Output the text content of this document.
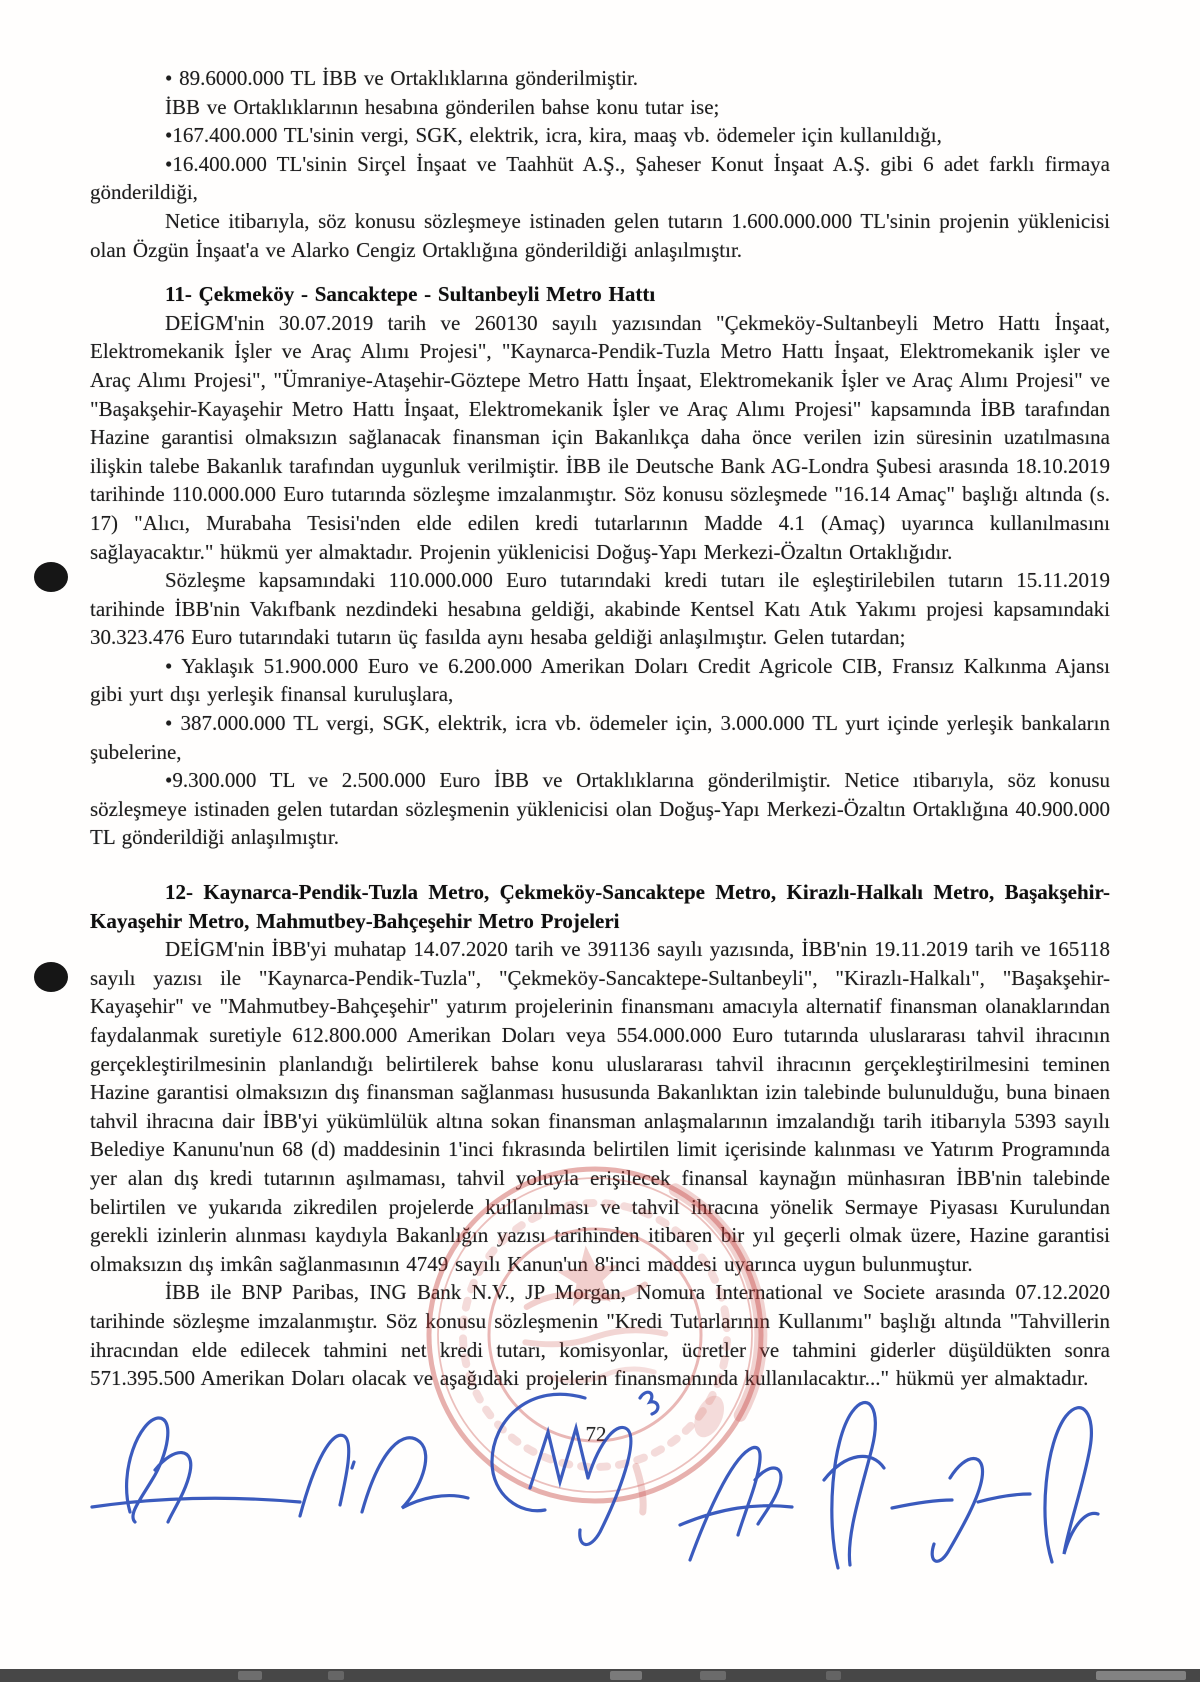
• 89.6000.000 TL İBB ve Ortaklıklarına gönderilmiştir.

İBB ve Ortaklıklarının hesabına gönderilen bahse konu tutar ise;

•167.400.000 TL'sinin vergi, SGK, elektrik, icra, kira, maaş vb. ödemeler için kullanıldığı,

•16.400.000 TL'sinin Sirçel İnşaat ve Taahhüt A.Ş., Şaheser Konut İnşaat A.Ş. gibi 6 adet farklı firmaya gönderildiği,

Netice itibarıyla, söz konusu sözleşmeye istinaden gelen tutarın 1.600.000.000 TL'sinin projenin yüklenicisi olan Özgün İnşaat'a ve Alarko Cengiz Ortaklığına gönderildiği anlaşılmıştır.

11- Çekmeköy - Sancaktepe - Sultanbeyli Metro Hattı

DEİGM'nin 30.07.2019 tarih ve 260130 sayılı yazısından "Çekmeköy-Sultanbeyli Metro Hattı İnşaat, Elektromekanik İşler ve Araç Alımı Projesi", "Kaynarca-Pendik-Tuzla Metro Hattı İnşaat, Elektromekanik işler ve Araç Alımı Projesi", "Ümraniye-Ataşehir-Göztepe Metro Hattı İnşaat, Elektromekanik İşler ve Araç Alımı Projesi" ve "Başakşehir-Kayaşehir Metro Hattı İnşaat, Elektromekanik İşler ve Araç Alımı Projesi" kapsamında İBB tarafından Hazine garantisi olmaksızın sağlanacak finansman için Bakanlıkça daha önce verilen izin süresinin uzatılmasına ilişkin talebe Bakanlık tarafından uygunluk verilmiştir. İBB ile Deutsche Bank AG-Londra Şubesi arasında 18.10.2019 tarihinde 110.000.000 Euro tutarında sözleşme imzalanmıştır. Söz konusu sözleşmede "16.14 Amaç" başlığı altında (s. 17) "Alıcı, Murabaha Tesisi'nden elde edilen kredi tutarlarının Madde 4.1 (Amaç) uyarınca kullanılmasını sağlayacaktır." hükmü yer almaktadır. Projenin yüklenicisi Doğuş-Yapı Merkezi-Özaltın Ortaklığıdır.

Sözleşme kapsamındaki 110.000.000 Euro tutarındaki kredi tutarı ile eşleştirilebilen tutarın 15.11.2019 tarihinde İBB'nin Vakıfbank nezdindeki hesabına geldiği, akabinde Kentsel Katı Atık Yakımı projesi kapsamındaki 30.323.476 Euro tutarındaki tutarın üç fasılda aynı hesaba geldiği anlaşılmıştır. Gelen tutardan;

• Yaklaşık 51.900.000 Euro ve 6.200.000 Amerikan Doları Credit Agricole CIB, Fransız Kalkınma Ajansı gibi yurt dışı yerleşik finansal kuruluşlara,

• 387.000.000 TL vergi, SGK, elektrik, icra vb. ödemeler için, 3.000.000 TL yurt içinde yerleşik bankaların şubelerine,

•9.300.000 TL ve 2.500.000 Euro İBB ve Ortaklıklarına gönderilmiştir. Netice ıtibarıyla, söz konusu sözleşmeye istinaden gelen tutardan sözleşmenin yüklenicisi olan Doğuş-Yapı Merkezi-Özaltın Ortaklığına 40.900.000 TL gönderildiği anlaşılmıştır.

12- Kaynarca-Pendik-Tuzla Metro, Çekmeköy-Sancaktepe Metro, Kirazlı-Halkalı Metro, Başakşehir-Kayaşehir Metro, Mahmutbey-Bahçeşehir Metro Projeleri

DEİGM'nin İBB'yi muhatap 14.07.2020 tarih ve 391136 sayılı yazısında, İBB'nin 19.11.2019 tarih ve 165118 sayılı yazısı ile "Kaynarca-Pendik-Tuzla", "Çekmeköy-Sancaktepe-Sultanbeyli", "Kirazlı-Halkalı", "Başakşehir-Kayaşehir" ve "Mahmutbey-Bahçeşehir" yatırım projelerinin finansmanı amacıyla alternatif finansman olanaklarından faydalanmak suretiyle 612.800.000 Amerikan Doları veya 554.000.000 Euro tutarında uluslararası tahvil ihracının gerçekleştirilmesinin planlandığı belirtilerek bahse konu uluslararası tahvil ihracının gerçekleştirilmesini teminen Hazine garantisi olmaksızın dış finansman sağlanması hususunda Bakanlıktan izin talebinde bulunulduğu, buna binaen tahvil ihracına dair İBB'yi yükümlülük altına sokan finansman anlaşmalarının imzalandığı tarih itibarıyla 5393 sayılı Belediye Kanunu'nun 68 (d) maddesinin 1'inci fıkrasında belirtilen limit içerisinde kalınması ve Yatırım Programında yer alan dış kredi tutarının aşılmaması, tahvil yoluyla erişilecek finansal kaynağın münhasıran İBB'nin talebinde belirtilen ve yukarıda zikredilen projelerde kullanılması ve tahvil ihracına yönelik Sermaye Piyasası Kurulundan gerekli izinlerin alınması kaydıyla Bakanlığın yazısı tarihinden itibaren bir yıl geçerli olmak üzere, Hazine garantisi olmaksızın dış imkân sağlanmasının 4749 sayılı Kanun'un 8'inci maddesi uyarınca uygun bulunmuştur.

İBB ile BNP Paribas, ING Bank N.V., JP Morgan, Nomura International ve Societe arasında 07.12.2020 tarihinde sözleşme imzalanmıştır. Söz konusu sözleşmenin "Kredi Tutarlarının Kullanımı" başlığı altında "Tahvillerin ihracından elde edilecek tahmini net kredi tutarı, komisyonlar, ücretler ve tahmini giderler düşüldükten sonra 571.395.500 Amerikan Doları olacak ve aşağıdaki projelerin finansmanında kullanılacaktır..." hükmü yer almaktadır.

72
